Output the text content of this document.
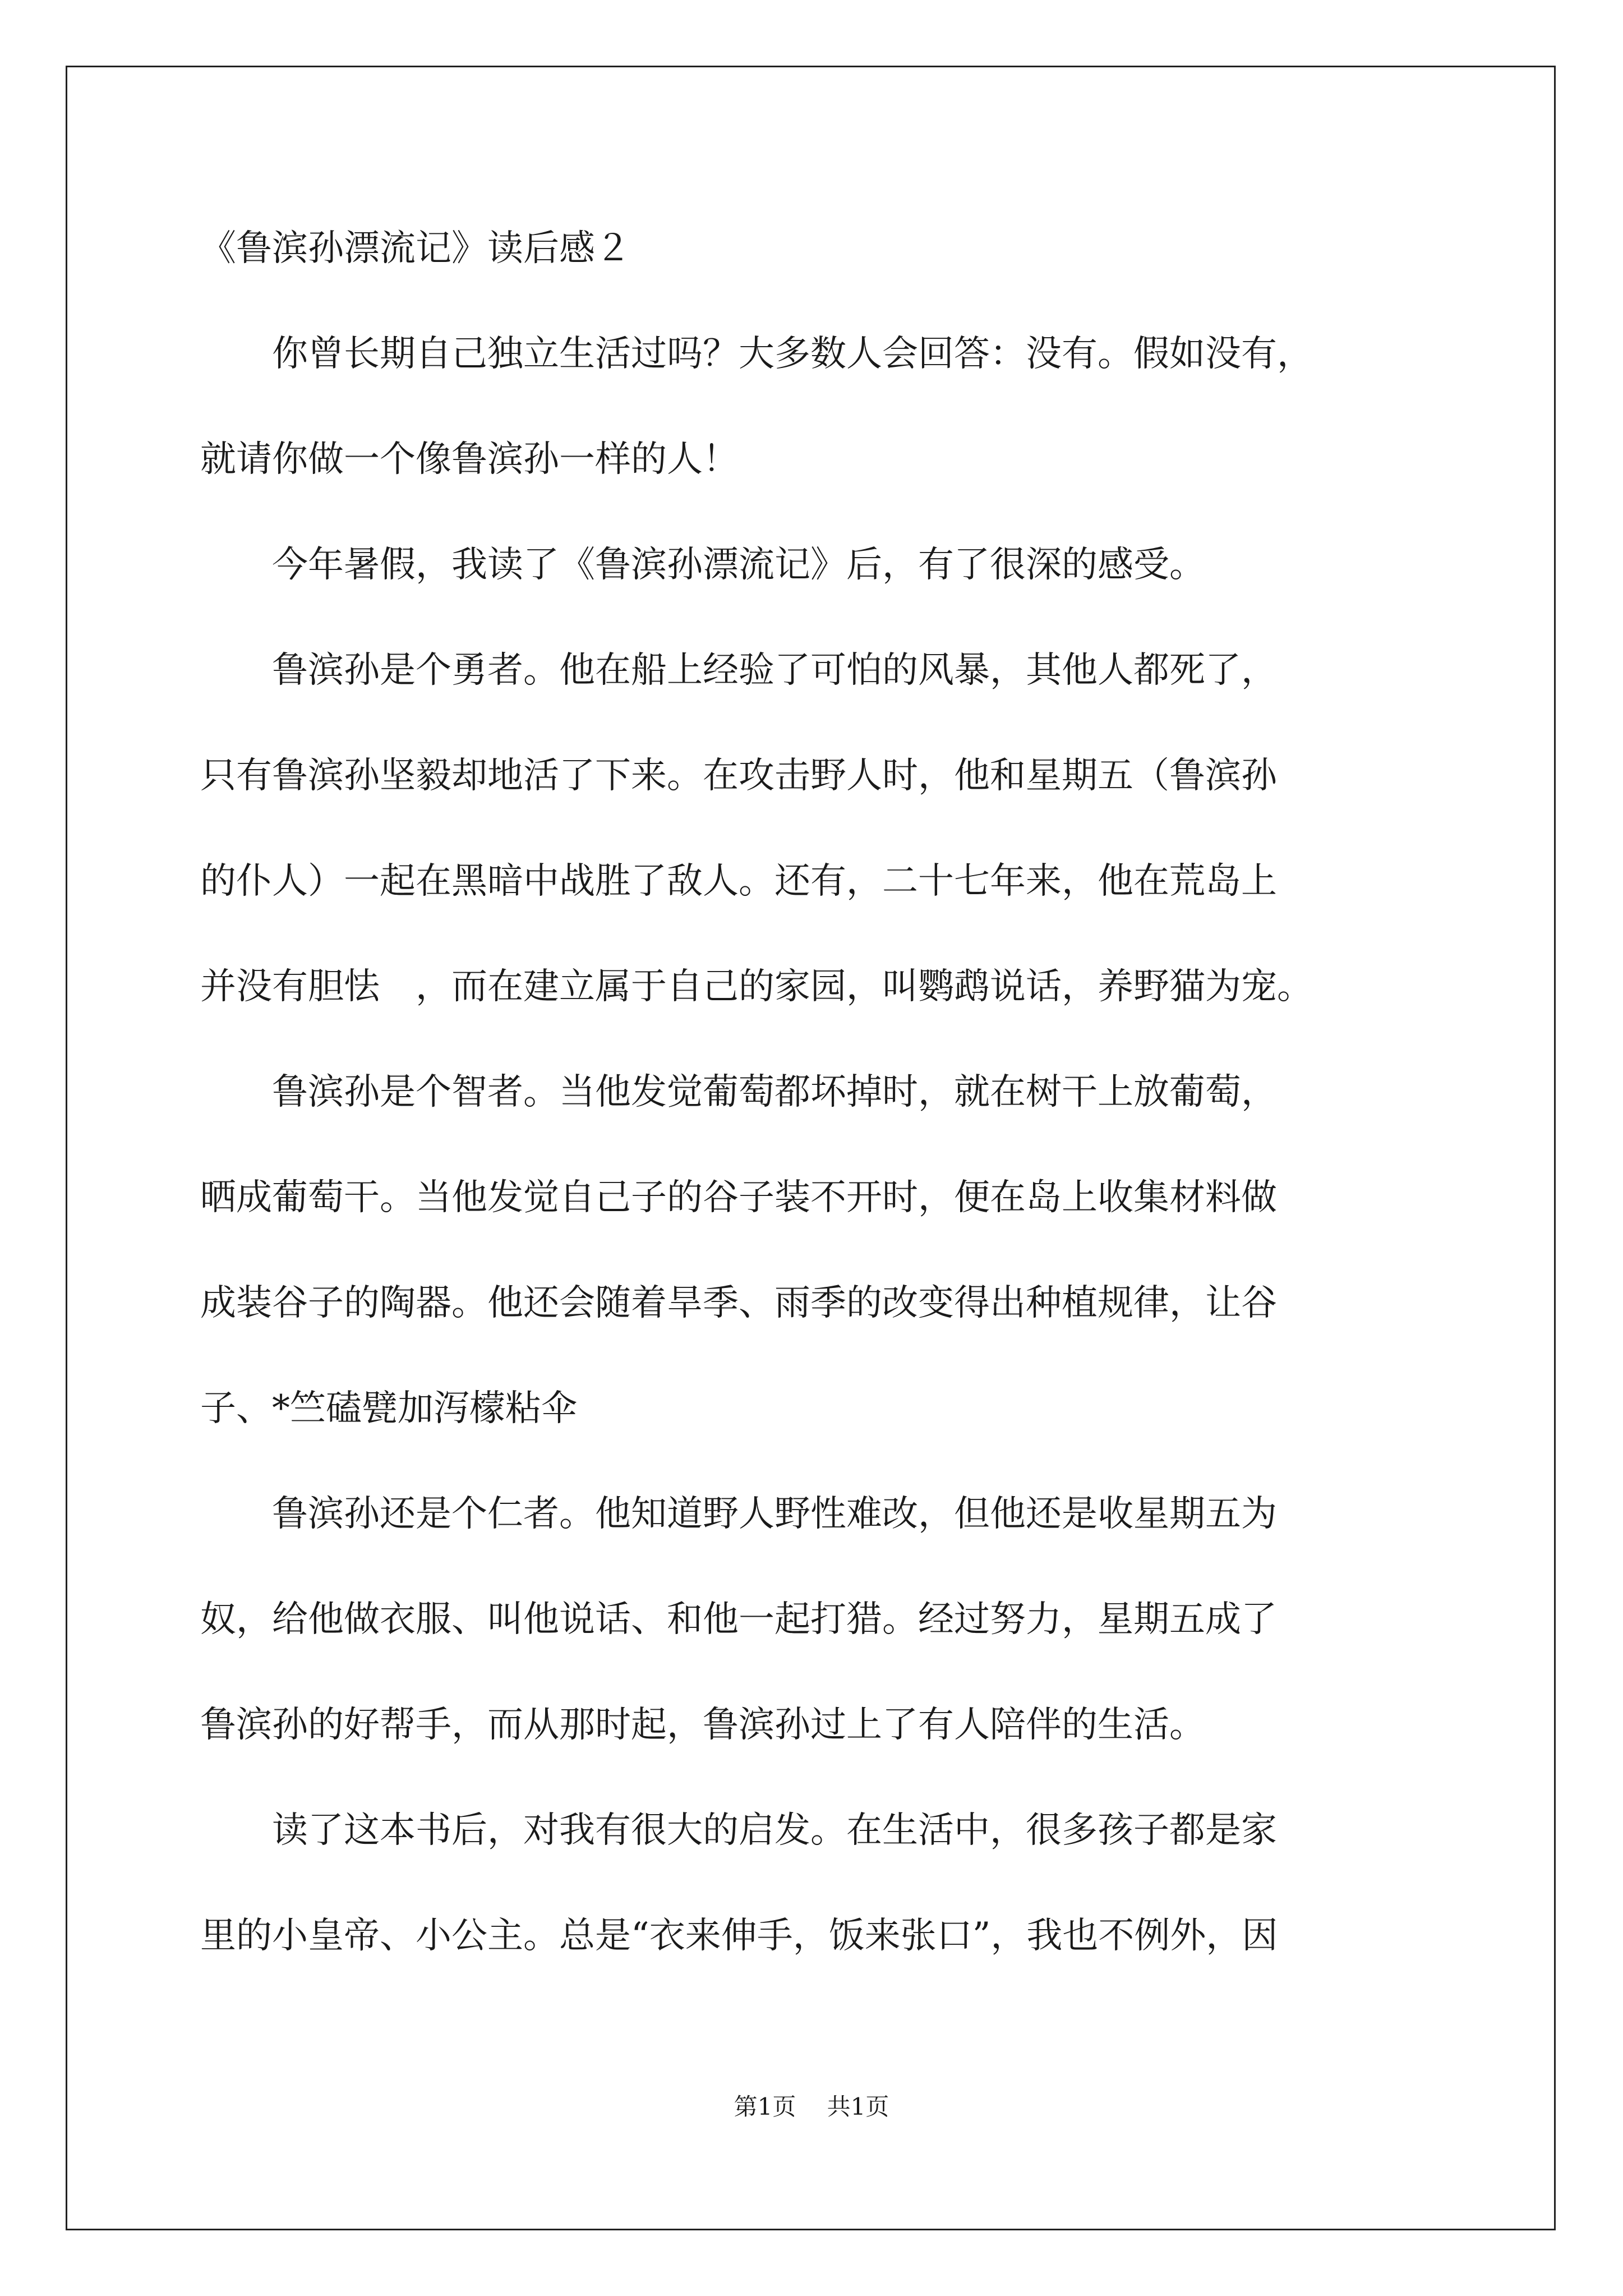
《鲁滨孙漂流记》读后感２
　　你曾长期自己独立生活过吗？大多数人会回答：没有。假如没有，
就请你做一个像鲁滨孙一样的人！
　　今年暑假，我读了《鲁滨孙漂流记》后，有了很深的感受。
　　鲁滨孙是个勇者。他在船上经验了可怕的风暴，其他人都死了，
只有鲁滨孙坚毅却地活了下来。在攻击野人时，他和星期五（鲁滨孙
的仆人）一起在黑暗中战胜了敌人。还有，二十七年来，他在荒岛上
并没有胆怯　，而在建立属于自己的家园，叫鹦鹉说话，养野猫为宠。
　　鲁滨孙是个智者。当他发觉葡萄都坏掉时，就在树干上放葡萄，
晒成葡萄干。当他发觉自己子的谷子装不开时，便在岛上收集材料做
成装谷子的陶器。他还会随着旱季、雨季的改变得出种植规律，让谷
子、*竺磕甓加泻檬粘伞
　　鲁滨孙还是个仁者。他知道野人野性难改，但他还是收星期五为
奴，给他做衣服、叫他说话、和他一起打猎。经过努力，星期五成了
鲁滨孙的好帮手，而从那时起，鲁滨孙过上了有人陪伴的生活。
　　读了这本书后，对我有很大的启发。在生活中，很多孩子都是家
里的小皇帝、小公主。总是“衣来伸手，饭来张口”，我也不例外，因
第1页　 共1页
